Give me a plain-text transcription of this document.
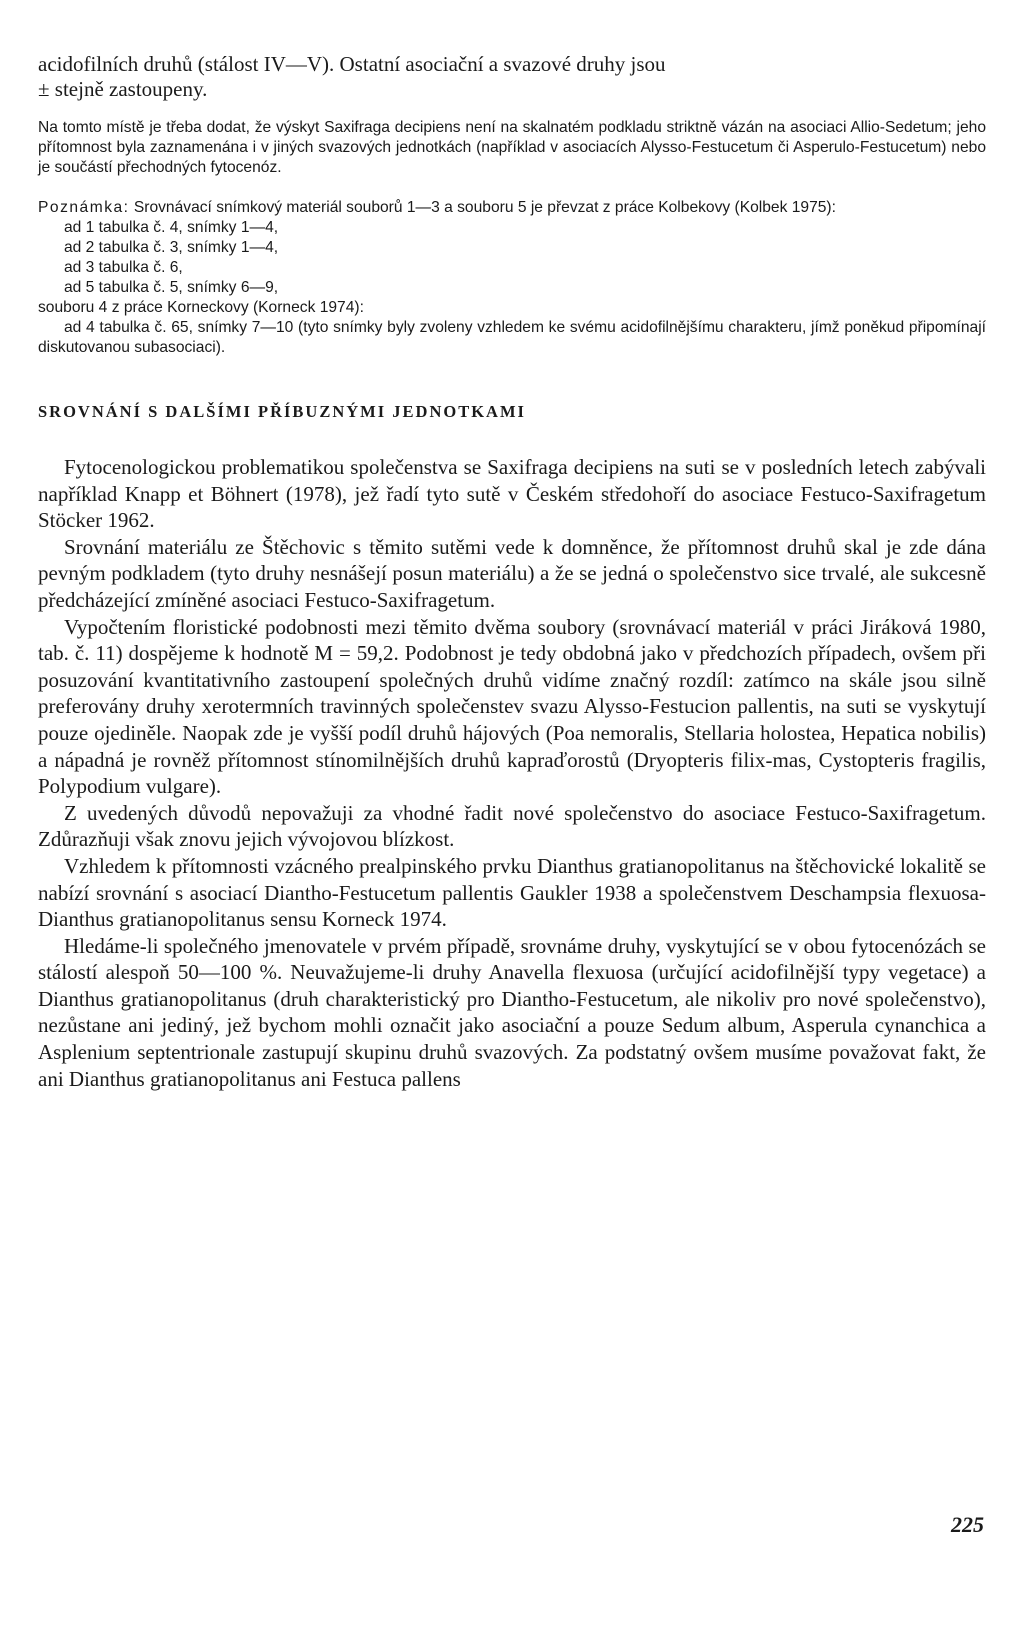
acidofilních druhů (stálost IV—V). Ostatní asociační a svazové druhy jsou
± stejně zastoupeny.

Na tomto místě je třeba dodat, že výskyt Saxifraga decipiens není na skalnatém podkladu striktně vázán na asociaci Allio-Sedetum; jeho přítomnost byla zaznamenána i v jiných svazových jednotkách (například v asociacích Alysso-Festucetum či Asperulo-Festucetum) nebo je součástí přechodných fytocenóz.

Poznámka: Srovnávací snímkový materiál souborů 1—3 a souboru 5 je převzat z práce Kolbekovy (Kolbek 1975):
ad 1 tabulka č. 4, snímky 1—4,
ad 2 tabulka č. 3, snímky 1—4,
ad 3 tabulka č. 6,
ad 5 tabulka č. 5, snímky 6—9,
souboru 4 z práce Korneckovy (Korneck 1974):
ad 4 tabulka č. 65, snímky 7—10 (tyto snímky byly zvoleny vzhledem ke svému acidofilnějšímu charakteru, jímž poněkud připomínají diskutovanou subasociaci).
SROVNÁNÍ S DALŠÍMI PŘÍBUZNÝMI JEDNOTKAMI

Fytocenologickou problematikou společenstva se Saxifraga decipiens na suti se v posledních letech zabývali například Knapp et Böhnert (1978), jež řadí tyto sutě v Českém středohoří do asociace Festuco-Saxifragetum Stöcker 1962.

Srovnání materiálu ze Štěchovic s těmito sutěmi vede k domněnce, že přítomnost druhů skal je zde dána pevným podkladem (tyto druhy nesnášejí posun materiálu) a že se jedná o společenstvo sice trvalé, ale sukcesně předcházející zmíněné asociaci Festuco-Saxifragetum.

Vypočtením floristické podobnosti mezi těmito dvěma soubory (srovnávací materiál v práci Jiráková 1980, tab. č. 11) dospějeme k hodnotě M = 59,2. Podobnost je tedy obdobná jako v předchozích případech, ovšem při posuzování kvantitativního zastoupení společných druhů vidíme značný rozdíl: zatímco na skále jsou silně preferovány druhy xerotermních travinných společenstev svazu Alysso-Festucion pallentis, na suti se vyskytují pouze ojediněle. Naopak zde je vyšší podíl druhů hájových (Poa nemoralis, Stellaria holostea, Hepatica nobilis) a nápadná je rovněž přítomnost stínomilnějších druhů kapraďorostů (Dryopteris filix-mas, Cystopteris fragilis, Polypodium vulgare).

Z uvedených důvodů nepovažuji za vhodné řadit nové společenstvo do asociace Festuco-Saxifragetum. Zdůrazňuji však znovu jejich vývojovou blízkost.

Vzhledem k přítomnosti vzácného prealpinského prvku Dianthus gratianopolitanus na štěchovické lokalitě se nabízí srovnání s asociací Diantho-Festucetum pallentis Gaukler 1938 a společenstvem Deschampsia flexuosa-Dianthus gratianopolitanus sensu Korneck 1974.

Hledáme-li společného jmenovatele v prvém případě, srovnáme druhy, vyskytující se v obou fytocenózách se stálostí alespoň 50—100 %. Neuvažujeme-li druhy Anavella flexuosa (určující acidofilnější typy vegetace) a Dianthus gratianopolitanus (druh charakteristický pro Diantho-Festucetum, ale nikoliv pro nové společenstvo), nezůstane ani jediný, jež bychom mohli označit jako asociační a pouze Sedum album, Asperula cynanchica a Asplenium septentrionale zastupují skupinu druhů svazových. Za podstatný ovšem musíme považovat fakt, že ani Dianthus gratianopolitanus ani Festuca pallens

225
